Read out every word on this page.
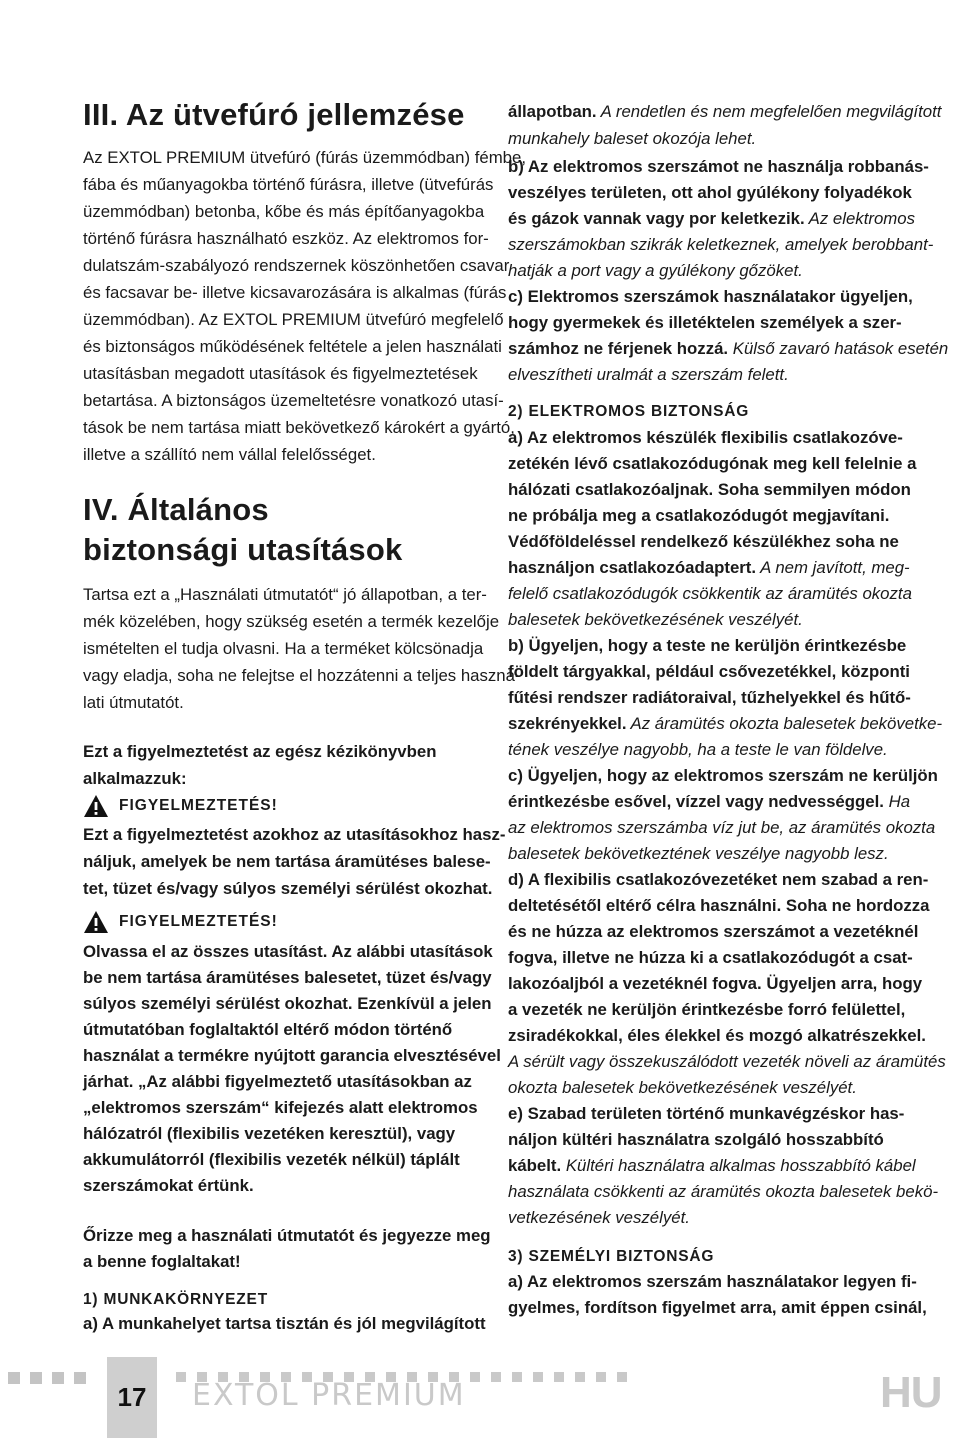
III. Az ütvefúró jellemzése
Az EXTOL PREMIUM ütvefúró (fúrás üzemmódban) fémbe,
fába és műanyagokba történő fúrásra, illetve (ütvefúrás
üzemmódban) betonba, kőbe és más építőanyagokba
történő fúrásra használható eszköz. Az elektromos for-
dulatszám-szabályozó rendszernek köszönhetően csavar
és facsavar be- illetve kicsavarozására is alkalmas (fúrás
üzemmódban). Az EXTOL PREMIUM ütvefúró megfelelő
és biztonságos működésének feltétele a jelen használati
utasításban megadott utasítások és figyelmeztetések
betartása. A biztonságos üzemeltetésre vonatkozó utasí-
tások be nem tartása miatt bekövetkező károkért a gyártó,
illetve a szállító nem vállal felelősséget.
IV. Általános
biztonsági utasítások
Tartsa ezt a „Használati útmutatót“ jó állapotban, a ter-
mék közelében, hogy szükség esetén a termék kezelője
ismételten el tudja olvasni. Ha a terméket kölcsönadja
vagy eladja, soha ne felejtse el hozzátenni a teljes haszná-
lati útmutatót.
Ezt a figyelmeztetést az egész kézikönyvben
alkalmazzuk:
FIGYELMEZTETÉS!
Ezt a figyelmeztetést azokhoz az utasításokhoz hasz-
náljuk, amelyek be nem tartása áramütéses balese-
tet, tüzet és/vagy súlyos személyi sérülést okozhat.
FIGYELMEZTETÉS!
Olvassa el az összes utasítást. Az alábbi utasítások
be nem tartása áramütéses balesetet, tüzet és/vagy
súlyos személyi sérülést okozhat. Ezenkívül a jelen
útmutatóban foglaltaktól eltérő módon történő
használat a termékre nyújtott garancia elvesztésével
járhat. „Az alábbi figyelmeztető utasításokban az
„elektromos szerszám“ kifejezés alatt elektromos
hálózatról (flexibilis vezetéken keresztül), vagy
akkumulátorról (flexibilis vezeték nélkül) táplált
szerszámokat értünk.
Őrizze meg a használati útmutatót és jegyezze meg
a benne foglaltakat!
1) MUNKAKÖRNYEZET
a) A munkahelyet tartsa tisztán és jól megvilágított
állapotban. A rendetlen és nem megfelelően megvilágított
munkahely baleset okozója lehet.
b) Az elektromos szerszámot ne használja robbanás-
veszélyes területen, ott ahol gyúlékony folyadékok
és gázok vannak vagy por keletkezik. Az elektromos
szerszámokban szikrák keletkeznek, amelyek berobbant-
hatják a port vagy a gyúlékony gőzöket.
c) Elektromos szerszámok használatakor ügyeljen,
hogy gyermekek és illetéktelen személyek a szer-
számhoz ne férjenek hozzá. Külső zavaró hatások esetén
elveszítheti uralmát a szerszám felett.
2) ELEKTROMOS BIZTONSÁG
a) Az elektromos készülék flexibilis csatlakozóve-
zetékén lévő csatlakozódugónak meg kell felelnie a
hálózati csatlakozóaljnak. Soha semmilyen módon
ne próbálja meg a csatlakozódugót megjavítani.
Védőföldeléssel rendelkező készülékhez soha ne
használjon csatlakozóadaptert. A nem javított, meg-
felelő csatlakozódugók csökkentik az áramütés okozta
balesetek bekövetkezésének veszélyét.
b) Ügyeljen, hogy a teste ne kerüljön érintkezésbe
földelt tárgyakkal, például csővezetékkel, központi
fűtési rendszer radiátoraival, tűzhelyekkel és hűtő-
szekrényekkel. Az áramütés okozta balesetek bekövetke-
tének veszélye nagyobb, ha a teste le van földelve.
c) Ügyeljen, hogy az elektromos szerszám ne kerüljön
érintkezésbe esővel, vízzel vagy nedvességgel. Ha
az elektromos szerszámba víz jut be, az áramütés okozta
balesetek bekövetkeztének veszélye nagyobb lesz.
d) A flexibilis csatlakozóvezetéket nem szabad a ren-
deltetésétől eltérő célra használni. Soha ne hordozza
és ne húzza az elektromos szerszámot a vezetéknél
fogva, illetve ne húzza ki a csatlakozódugót a csat-
lakozóaljból a vezetéknél fogva. Ügyeljen arra, hogy
a vezeték ne kerüljön érintkezésbe forró felülettel,
zsiradékokkal, éles élekkel és mozgó alkatrészekkel.
A sérült vagy összekuszálódott vezeték növeli az áramütés
okozta balesetek bekövetkezésének veszélyét.
e) Szabad területen történő munkavégzéskor has-
náljon kültéri használatra szolgáló hosszabbító
kábelt. Kültéri használatra alkalmas hosszabbító kábel
használata csökkenti az áramütés okozta balesetek bekö-
vetkezésének veszélyét.
3) SZEMÉLYI BIZTONSÁG
a) Az elektromos szerszám használatakor legyen fi-
gyelmes, fordítson figyelmet arra, amit éppen csinál,
17 EXTOL PREMIUM	HU
